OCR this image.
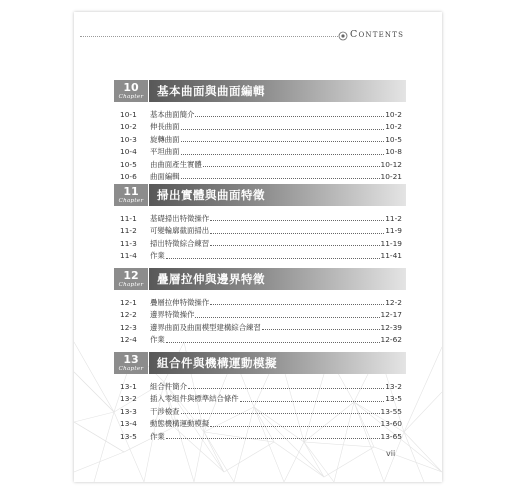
Contents
10
Chapter	基本曲面與曲面編輯
10-1	基本曲面簡介	10-2
10-2	伸長曲面	10-2
10-3	旋轉曲面	10-5
10-4	平坦曲面	10-8
10-5	由曲面產生實體	10-12
10-6	曲面編輯	10-21
11
Chapter	掃出實體與曲面特徵
11-1	基礎掃出特徵操作	11-2
11-2	可變輪廓截面掃出	11-9
11-3	掃出特徵綜合練習	11-19
11-4	作業	11-41
12
Chapter	疊層拉伸與邊界特徵
12-1	疊層拉伸特徵操作	12-2
12-2	邊界特徵操作	12-17
12-3	邊界曲面及曲面模型建構綜合練習	12-39
12-4	作業	12-62
13
Chapter	組合件與機構運動模擬
13-1	組合件簡介	13-2
13-2	插入零組件與標準結合條件	13-5
13-3	干涉檢查	13-55
13-4	動態機構運動模擬	13-60
13-5	作業	13-65
vii
